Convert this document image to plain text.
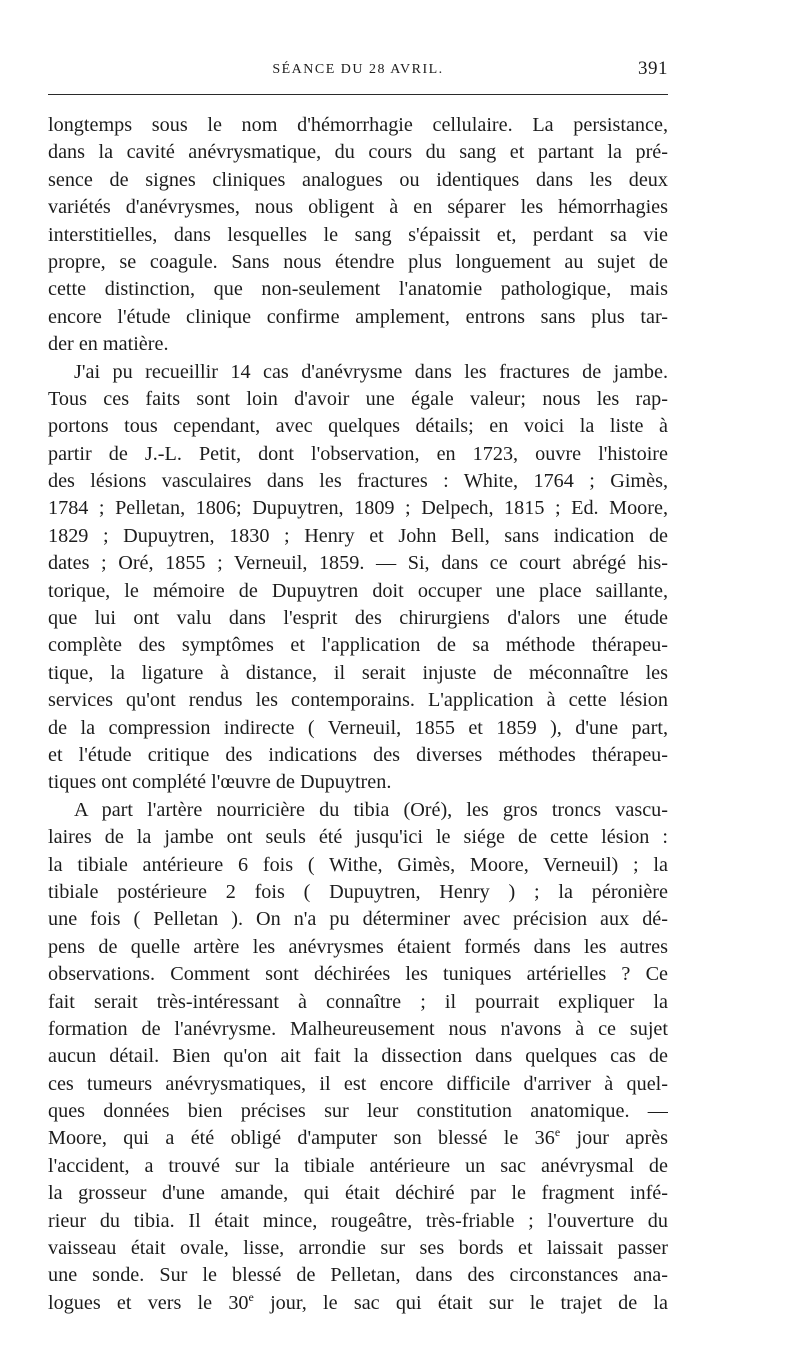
SÉANCE DU 28 AVRIL.	391
longtemps sous le nom d'hémorrhagie cellulaire. La persistance,
dans la cavité anévrysmatique, du cours du sang et partant la pré-
sence de signes cliniques analogues ou identiques dans les deux
variétés d'anévrysmes, nous obligent à en séparer les hémorrhagies
interstitielles, dans lesquelles le sang s'épaissit et, perdant sa vie
propre, se coagule. Sans nous étendre plus longuement au sujet de
cette distinction, que non-seulement l'anatomie pathologique, mais
encore l'étude clinique confirme amplement, entrons sans plus tar-
der en matière.
J'ai pu recueillir 14 cas d'anévrysme dans les fractures de jambe.
Tous ces faits sont loin d'avoir une égale valeur; nous les rap-
portons tous cependant, avec quelques détails; en voici la liste à
partir de J.-L. Petit, dont l'observation, en 1723, ouvre l'histoire
des lésions vasculaires dans les fractures : White, 1764 ; Gimès,
1784 ; Pelletan, 1806; Dupuytren, 1809 ; Delpech, 1815 ; Ed. Moore,
1829 ; Dupuytren, 1830 ; Henry et John Bell, sans indication de
dates ; Oré, 1855 ; Verneuil, 1859. — Si, dans ce court abrégé his-
torique, le mémoire de Dupuytren doit occuper une place saillante,
que lui ont valu dans l'esprit des chirurgiens d'alors une étude
complète des symptômes et l'application de sa méthode thérapeu-
tique, la ligature à distance, il serait injuste de méconnaître les
services qu'ont rendus les contemporains. L'application à cette lésion
de la compression indirecte ( Verneuil, 1855 et 1859 ), d'une part,
et l'étude critique des indications des diverses méthodes thérapeu-
tiques ont complété l'œuvre de Dupuytren.
A part l'artère nourricière du tibia (Oré), les gros troncs vascu-
laires de la jambe ont seuls été jusqu'ici le siége de cette lésion :
la tibiale antérieure 6 fois ( Withe, Gimès, Moore, Verneuil) ; la
tibiale postérieure 2 fois ( Dupuytren, Henry ) ; la péronière
une fois ( Pelletan ). On n'a pu déterminer avec précision aux dé-
pens de quelle artère les anévrysmes étaient formés dans les autres
observations. Comment sont déchirées les tuniques artérielles ? Ce
fait serait très-intéressant à connaître ; il pourrait expliquer la
formation de l'anévrysme. Malheureusement nous n'avons à ce sujet
aucun détail. Bien qu'on ait fait la dissection dans quelques cas de
ces tumeurs anévrysmatiques, il est encore difficile d'arriver à quel-
ques données bien précises sur leur constitution anatomique. —
Moore, qui a été obligé d'amputer son blessé le 36e jour après
l'accident, a trouvé sur la tibiale antérieure un sac anévrysmal de
la grosseur d'une amande, qui était déchiré par le fragment infé-
rieur du tibia. Il était mince, rougeâtre, très-friable ; l'ouverture du
vaisseau était ovale, lisse, arrondie sur ses bords et laissait passer
une sonde. Sur le blessé de Pelletan, dans des circonstances ana-
logues et vers le 30e jour, le sac qui était sur le trajet de la
